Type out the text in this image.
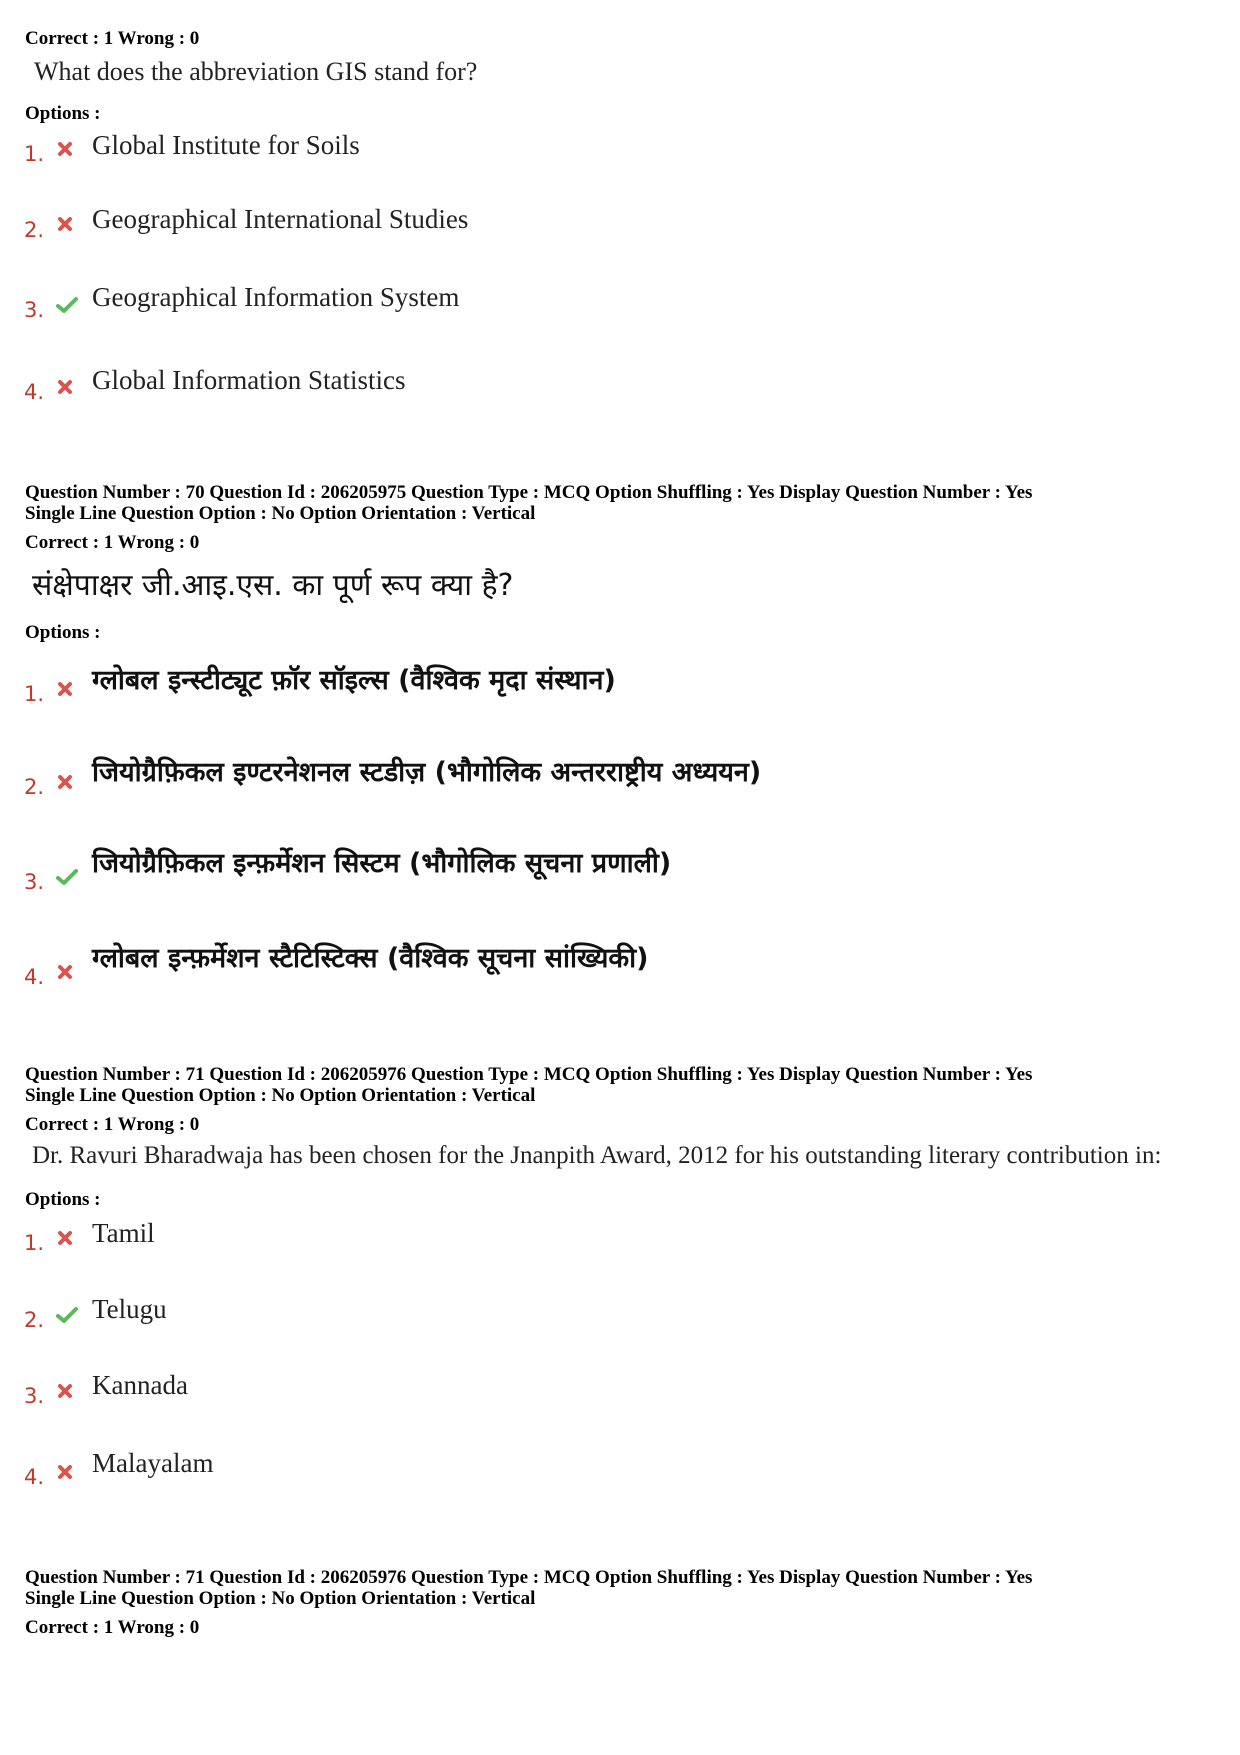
Correct : 1 Wrong : 0
What does the abbreviation GIS stand for?
Options :
1. Global Institute for Soils
2. Geographical International Studies
3. Geographical Information System
4. Global Information Statistics
Question Number : 70 Question Id : 206205975 Question Type : MCQ Option Shuffling : Yes Display Question Number : Yes
Single Line Question Option : No Option Orientation : Vertical
Correct : 1 Wrong : 0
संक्षेपाक्षर जी.आइ.एस. का पूर्ण रूप क्या है?
Options :
1. ग्लोबल इन्स्टीट्यूट फ़ॉर सॉइल्स (वैश्विक मृदा संस्थान)
2. जियोग्रैफ़िकल इण्टरनेशनल स्टडीज़ (भौगोलिक अन्तरराष्ट्रीय अध्ययन)
3.
जियोग्रैफ़िकल इन्फ़र्मेशन सिस्टम (भौगोलिक सूचना प्रणाली)
4.
ग्लोबल इन्फ़र्मेशन स्टैटिस्टिक्स (वैश्विक सूचना सांख्यिकी)
Question Number : 71 Question Id : 206205976 Question Type : MCQ Option Shuffling : Yes Display Question Number : Yes
Single Line Question Option : No Option Orientation : Vertical
Correct : 1 Wrong : 0
Dr. Ravuri Bharadwaja has been chosen for the Jnanpith Award, 2012 for his outstanding literary contribution in:
Options :
1. Tamil
2. Telugu
3. Kannada
4. Malayalam
Question Number : 71 Question Id : 206205976 Question Type : MCQ Option Shuffling : Yes Display Question Number : Yes
Single Line Question Option : No Option Orientation : Vertical
Correct : 1 Wrong : 0
